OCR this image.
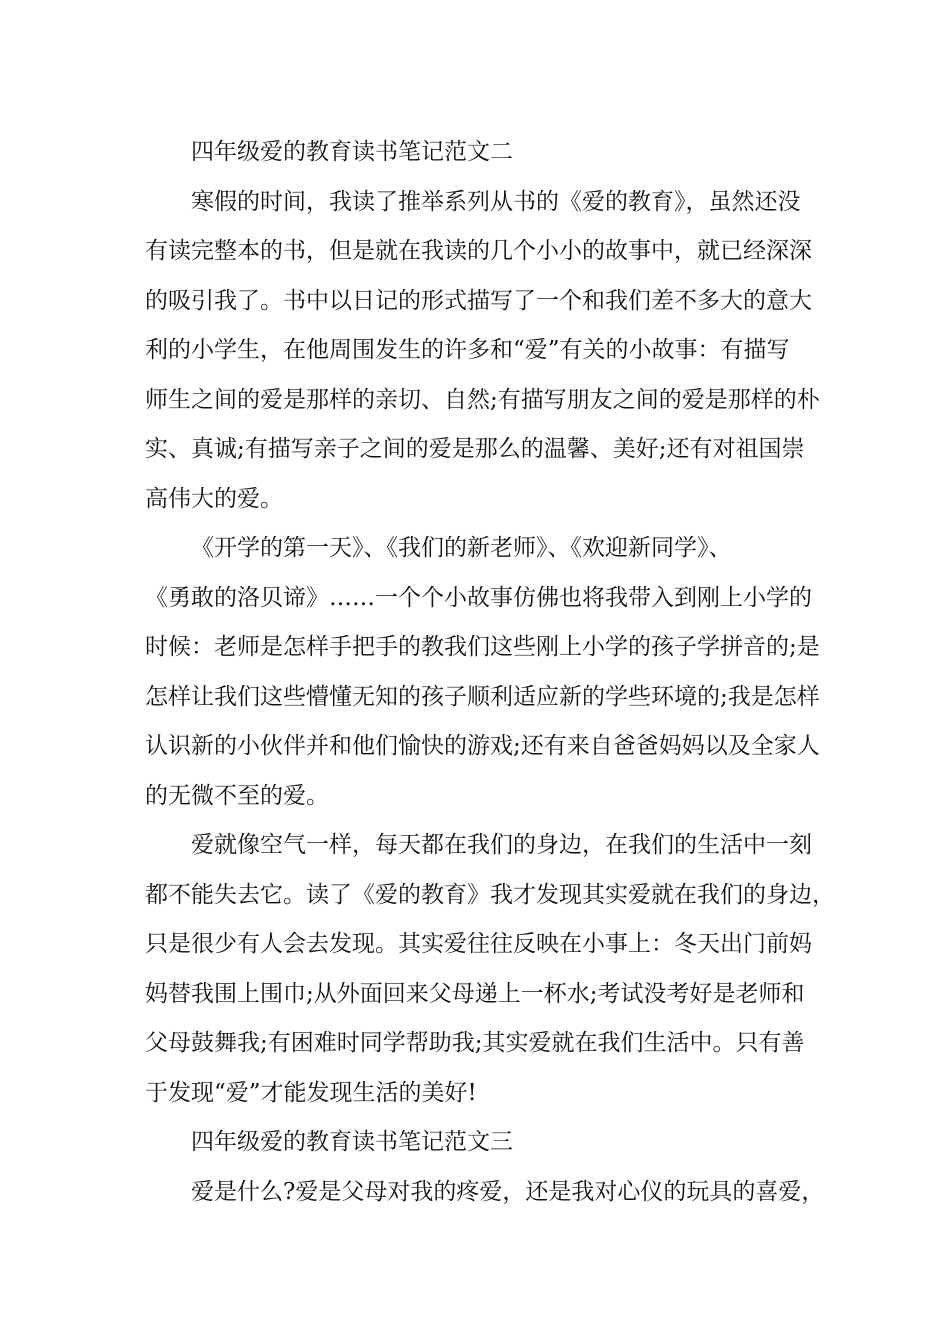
四年级爱的教育读书笔记范文二
寒假的时间，我读了推举系列从书的《爱的教育》，虽然还没
有读完整本的书，但是就在我读的几个小小的故事中，就已经深深
的吸引我了。书中以日记的形式描写了一个和我们差不多大的意大
利的小学生，在他周围发生的许多和“爱”有关的小故事：有描写
师生之间的爱是那样的亲切、自然;有描写朋友之间的爱是那样的朴
实、真诚;有描写亲子之间的爱是那么的温馨、美好;还有对祖国崇
高伟大的爱。
《开学的第一天》、《我们的新老师》、《欢迎新同学》、
《勇敢的洛贝谛》……一个个小故事仿佛也将我带入到刚上小学的
时候：老师是怎样手把手的教我们这些刚上小学的孩子学拼音的;是
怎样让我们这些懵懂无知的孩子顺利适应新的学些环境的;我是怎样
认识新的小伙伴并和他们愉快的游戏;还有来自爸爸妈妈以及全家人
的无微不至的爱。
爱就像空气一样，每天都在我们的身边，在我们的生活中一刻
都不能失去它。读了《爱的教育》我才发现其实爱就在我们的身边，
只是很少有人会去发现。其实爱往往反映在小事上：冬天出门前妈
妈替我围上围巾;从外面回来父母递上一杯水;考试没考好是老师和
父母鼓舞我;有困难时同学帮助我;其实爱就在我们生活中。只有善
于发现“爱”才能发现生活的美好!
四年级爱的教育读书笔记范文三
爱是什么?爱是父母对我的疼爱，还是我对心仪的玩具的喜爱，
